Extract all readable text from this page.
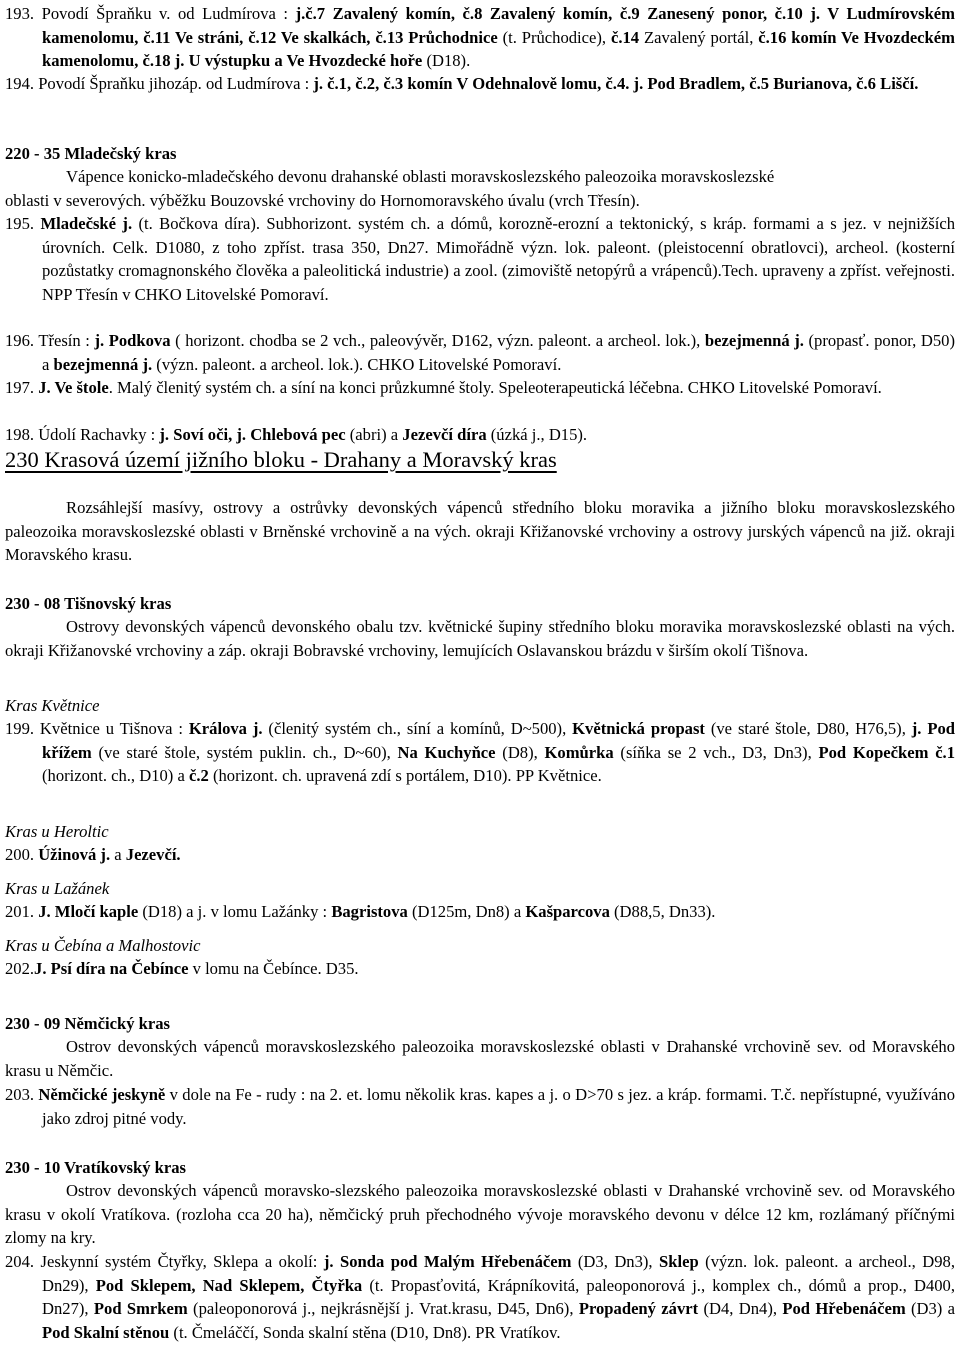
193. Povodí Špraňku v. od Ludmírova : j.č.7 Zavalený komín, č.8 Zavalený komín, č.9 Zanesený ponor, č.10 j. V Ludmírovském kamenolomu, č.11 Ve stráni, č.12 Ve skalkách, č.13 Průchodnice (t. Průchodice), č.14 Zavalený portál, č.16 komín Ve Hvozdeckém kamenolomu, č.18 j. U výstupku a Ve Hvozdecké hoře (D18).
194. Povodí Špraňku jihozáp. od Ludmírova : j. č.1, č.2, č.3 komín V Odehnalově lomu, č.4. j. Pod Bradlem, č.5 Burianova, č.6 Liščí.
220 - 35 Mladečský kras
Vápence konicko-mladečského devonu drahanské oblasti moravskoslezského paleozoika moravskoslezské
oblasti v severových. výběžku Bouzovské vrchoviny do Hornomoravského úvalu (vrch Třesín).
195. Mladečské j. (t. Bočkova díra). Subhorizont. systém ch. a dómů, korozně-erozní a tektonický, s kráp. formami a s jez. v nejnižších úrovních. Celk. D1080, z toho zpříst. trasa 350, Dn27. Mimořádně význ. lok. paleont. (pleistocenní obratlovci), archeol. (kosterní pozůstatky cromagnonského člověka a paleolitická industrie) a zool. (zimoviště netopýrů a vrápenců).Tech. upraveny a zpříst. veřejnosti. NPP Třesín v CHKO Litovelské Pomoraví.
196. Třesín : j. Podkova ( horizont. chodba se 2 vch., paleovývěr, D162, význ. paleont. a archeol. lok.), bezejmenná j. (propasť. ponor, D50) a bezejmenná j. (význ. paleont. a archeol. lok.). CHKO Litovelské Pomoraví.
197. J. Ve štole. Malý členitý systém ch. a síní na konci průzkumné štoly. Speleoterapeutická léčebna. CHKO Litovelské Pomoraví.
198. Údolí Rachavky : j. Soví oči, j. Chlebová pec (abri) a Jezevčí díra (úzká j., D15).
230 Krasová území jižního bloku - Drahany a Moravský kras
Rozsáhlejší masívy, ostrovy a ostrůvky devonských vápenců středního bloku moravika a jižního bloku moravskoslezského paleozoika moravskoslezské oblasti v Brněnské vrchovině a na vých. okraji Křižanovské vrchoviny a ostrovy jurských vápenců na již. okraji Moravského krasu.
230 - 08 Tišnovský kras
Ostrovy devonských vápenců devonského obalu tzv. květnické šupiny středního bloku moravika moravskoslezské oblasti na vých. okraji Křižanovské vrchoviny a záp. okraji Bobravské vrchoviny, lemujících Oslavanskou brázdu v širším okolí Tišnova.
Kras Květnice
199. Květnice u Tišnova : Králova j. (členitý systém ch., síní a komínů, D~500), Květnická propast (ve staré štole, D80, H76,5), j. Pod křížem (ve staré štole, systém puklin. ch., D~60), Na Kuchyňce (D8), Komůrka (síňka se 2 vch., D3, Dn3), Pod Kopečkem č.1 (horizont. ch., D10) a č.2 (horizont. ch. upravená zdí s portálem, D10). PP Květnice.
Kras u Heroltic
200. Úžinová j. a Jezevčí.
Kras u Lažánek
201. J. Mločí kaple (D18) a j. v lomu Lažánky : Bagristova (D125m, Dn8) a Kašparcova (D88,5, Dn33).
Kras u Čebína a Malhostovic
202.J. Psí díra na Čebínce v lomu na Čebínce. D35.
230 - 09 Němčický kras
Ostrov devonských vápenců moravskoslezského paleozoika moravskoslezské oblasti v Drahanské vrchovině sev. od Moravského krasu u Němčic.
203. Němčické jeskyně v dole na Fe - rudy : na 2. et. lomu několik kras. kapes a j. o D>70 s jez. a kráp. formami. T.č. nepřístupné, využíváno jako zdroj pitné vody.
230 - 10 Vratíkovský kras
Ostrov devonských vápenců moravsko-slezského paleozoika moravskoslezské oblasti v Drahanské vrchovině sev. od Moravského krasu v okolí Vratíkova. (rozloha cca 20 ha), němčický pruh přechodného vývoje moravského devonu v délce 12 km, rozlámaný příčnými zlomy na kry.
204. Jeskynní systém Čtyřky, Sklepa a okolí: j. Sonda pod Malým Hřebenáčem (D3, Dn3), Sklep (význ. lok. paleont. a archeol., D98, Dn29), Pod Sklepem, Nad Sklepem, Čtyřka (t. Propasťovitá, Krápníkovitá, paleoponorová j., komplex ch., dómů a prop., D400, Dn27), Pod Smrkem (paleoponorová j., nejkrásnější j. Vrat.krasu, D45, Dn6), Propadený závrt (D4, Dn4), Pod Hřebenáčem (D3) a Pod Skalní stěnou (t. Čmeláččí, Sonda skalní stěna (D10, Dn8). PR Vratíkov.
